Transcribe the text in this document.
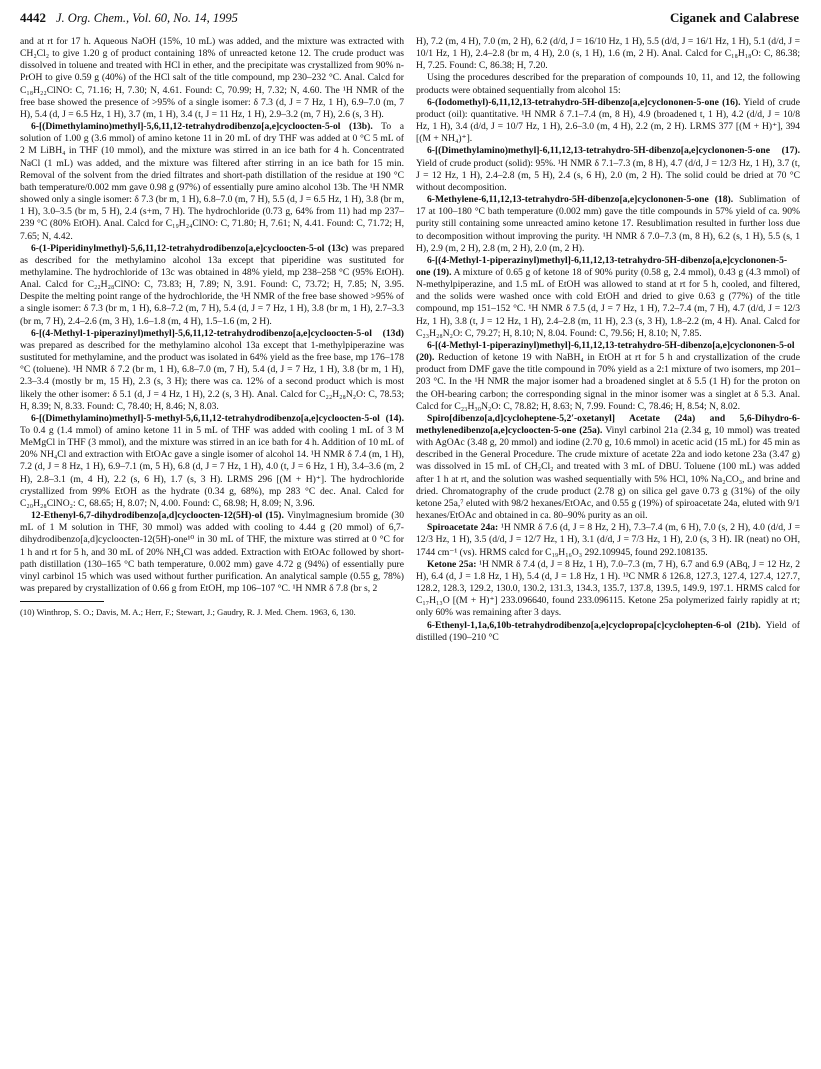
4442 J. Org. Chem., Vol. 60, No. 14, 1995	Ciganek and Calabrese

and at rt for 17 h. Aqueous NaOH (15%, 10 mL) was added, and the mixture was extracted with CH₂Cl₂ to give 1.20 g of product containing 18% of unreacted ketone 12. The crude product was dissolved in toluene and treated with HCl in ether, and the precipitate was crystallized from 90% n-PrOH to give 0.59 g (40%) of the HCl salt of the title compound, mp 230–232 °C. Anal. Calcd for C₁₈H₂₂ClNO: C, 71.16; H, 7.30; N, 4.61. Found: C, 70.99; H, 7.32; N, 4.60. The ¹H NMR of the free base showed the presence of >95% of a single isomer: δ 7.3 (d, J = 7 Hz, 1 H), 6.9–7.0 (m, 7 H), 5.4 (d, J = 6.5 Hz, 1 H), 3.7 (m, 1 H), 3.4 (t, J = 11 Hz, 1 H), 2.9–3.2 (m, 7 H), 2.6 (s, 3 H).

6-[(Dimethylamino)methyl]-5,6,11,12-tetrahydrodibenzo[a,e]cycloocten-5-ol (13b). To a solution of 1.00 g (3.6 mmol) of amino ketone 11 in 20 mL of dry THF was added at 0 °C 5 mL of 2 M LiBH₄ in THF (10 mmol), and the mixture was stirred in an ice bath for 4 h. Concentrated NaCl (1 mL) was added, and the mixture was filtered after stirring in an ice bath for 15 min. Removal of the solvent from the dried filtrates and short-path distillation of the residue at 190 °C bath temperature/0.002 mm gave 0.98 g (97%) of essentially pure amino alcohol 13b. The ¹H NMR showed only a single isomer: δ 7.3 (br m, 1 H), 6.8–7.0 (m, 7 H), 5.5 (d, J = 6.5 Hz, 1 H), 3.8 (br m, 1 H), 3.0–3.5 (br m, 5 H), 2.4 (s+m, 7 H). The hydrochloride (0.73 g, 64% from 11) had mp 237–239 °C (80% EtOH). Anal. Calcd for C₁₉H₂₄ClNO: C, 71.80; H, 7.61; N, 4.41. Found: C, 71.72; H, 7.65; N, 4.42.

6-(1-Piperidinylmethyl)-5,6,11,12-tetrahydrodibenzo[a,e]cycloocten-5-ol (13c) was prepared as described for the methylamino alcohol 13a except that piperidine was sustituted for methylamine. The hydrochloride of 13c was obtained in 48% yield, mp 238–258 °C (95% EtOH). Anal. Calcd for C₂₂H₂₈ClNO: C, 73.83; H, 7.89; N, 3.91. Found: C, 73.72; H, 7.85; N, 3.95. Despite the melting point range of the hydrochloride, the ¹H NMR of the free base showed >95% of a single isomer: δ 7.3 (br m, 1 H), 6.8–7.2 (m, 7 H), 5.4 (d, J = 7 Hz, 1 H), 3.8 (br m, 1 H), 2.7–3.3 (br m, 7 H), 2.4–2.6 (m, 3 H), 1.6–1.8 (m, 4 H), 1.5–1.6 (m, 2 H).

6-[(4-Methyl-1-piperazinyl)methyl]-5,6,11,12-tetrahydrodibenzo[a,e]cycloocten-5-ol (13d) was prepared as described for the methylamino alcohol 13a except that 1-methylpiperazine was sustituted for methylamine, and the product was isolated in 64% yield as the free base, mp 176–178 °C (toluene). ¹H NMR δ 7.2 (br m, 1 H), 6.8–7.0 (m, 7 H), 5.4 (d, J = 7 Hz, 1 H), 3.8 (br m, 1 H), 2.3–3.4 (mostly br m, 15 H), 2.3 (s, 3 H); there was ca. 12% of a second product which is most likely the other isomer: δ 5.1 (d, J = 4 Hz, 1 H), 2.2 (s, 3 H). Anal. Calcd for C₂₂H₂₈N₂O: C, 78.53; H, 8.39; N, 8.33. Found: C, 78.40; H, 8.46; N, 8.03.

6-[(Dimethylamino)methyl]-5-methyl-5,6,11,12-tetrahydrodibenzo[a,e]cycloocten-5-ol (14). To 0.4 g (1.4 mmol) of amino ketone 11 in 5 mL of THF was added with cooling 1 mL of 3 M MeMgCl in THF (3 mmol), and the mixture was stirred in an ice bath for 4 h. Addition of 10 mL of 20% NH₄Cl and extraction with EtOAc gave a single isomer of alcohol 14. ¹H NMR δ 7.4 (m, 1 H), 7.2 (d, J = 8 Hz, 1 H), 6.9–7.1 (m, 5 H), 6.8 (d, J = 7 Hz, 1 H), 4.0 (t, J = 6 Hz, 1 H), 3.4–3.6 (m, 2 H), 2.8–3.1 (m, 4 H), 2.2 (s, 6 H), 1.7 (s, 3 H). LRMS 296 [(M + H)⁺]. The hydrochloride crystallized from 99% EtOH as the hydrate (0.34 g, 68%), mp 283 °C dec. Anal. Calcd for C₂₀H₂₈ClNO₂: C, 68.65; H, 8.07; N, 4.00. Found: C, 68.98; H, 8.09; N, 3.96.

12-Ethenyl-6,7-dihydrodibenzo[a,d]cycloocten-12(5H)-ol (15). Vinylmagnesium bromide (30 mL of 1 M solution in THF, 30 mmol) was added with cooling to 4.44 g (20 mmol) of 6,7-dihydrodibenzo[a,d]cycloocten-12(5H)-one¹⁰ in 30 mL of THF, the mixture was stirred at 0 °C for 1 h and rt for 5 h, and 30 mL of 20% NH₄Cl was added. Extraction with EtOAc followed by short-path distillation (130–165 °C bath temperature, 0.002 mm) gave 4.72 g (94%) of essentially pure vinyl carbinol 15 which was used without further purification. An analytical sample (0.55 g, 78%) was prepared by crystallization of 0.66 g from EtOH, mp 106–107 °C. ¹H NMR δ 7.8 (br s, 2

(10) Winthrop, S. O.; Davis, M. A.; Herr, F.; Stewart, J.; Gaudry, R. J. Med. Chem. 1963, 6, 130.

H), 7.2 (m, 4 H), 7.0 (m, 2 H), 6.2 (d/d, J = 16/10 Hz, 1 H), 5.5 (d/d, J = 16/1 Hz, 1 H), 5.1 (d/d, J = 10/1 Hz, 1 H), 2.4–2.8 (br m, 4 H), 2.0 (s, 1 H), 1.6 (m, 2 H). Anal. Calcd for C₁₈H₁₈O: C, 86.38; H, 7.25. Found: C, 86.38; H, 7.20.

Using the procedures described for the preparation of compounds 10, 11, and 12, the following products were obtained sequentially from alcohol 15:

6-(Iodomethyl)-6,11,12,13-tetrahydro-5H-dibenzo[a,e]cyclononen-5-one (16). Yield of crude product (oil): quantitative. ¹H NMR δ 7.1–7.4 (m, 8 H), 4.9 (broadened t, 1 H), 4.2 (d/d, J = 10/8 Hz, 1 H), 3.4 (d/d, J = 10/7 Hz, 1 H), 2.6–3.0 (m, 4 H), 2.2 (m, 2 H). LRMS 377 [(M + H)⁺], 394 [(M + NH₄)⁺].

6-[(Dimethylamino)methyl]-6,11,12,13-tetrahydro-5H-dibenzo[a,e]cyclononen-5-one (17). Yield of crude product (solid): 95%. ¹H NMR δ 7.1–7.3 (m, 8 H), 4.7 (d/d, J = 12/3 Hz, 1 H), 3.7 (t, J = 12 Hz, 1 H), 2.4–2.8 (m, 5 H), 2.4 (s, 6 H), 2.0 (m, 2 H). The solid could be dried at 70 °C without decomposition.

6-Methylene-6,11,12,13-tetrahydro-5H-dibenzo[a,e]cyclononen-5-one (18). Sublimation of 17 at 100–180 °C bath temperature (0.002 mm) gave the title compounds in 57% yield of ca. 90% purity still containing some unreacted amino ketone 17. Resublimation resulted in further loss due to decomposition without improving the purity. ¹H NMR δ 7.0–7.3 (m, 8 H), 6.2 (s, 1 H), 5.5 (s, 1 H), 2.9 (m, 2 H), 2.8 (m, 2 H), 2.0 (m, 2 H).

6-[(4-Methyl-1-piperazinyl)methyl]-6,11,12,13-tetrahydro-5H-dibenzo[a,e]cyclononen-5-one (19). A mixture of 0.65 g of ketone 18 of 90% purity (0.58 g, 2.4 mmol), 0.43 g (4.3 mmol) of N-methylpiperazine, and 1.5 mL of EtOH was allowed to stand at rt for 5 h, cooled, and filtered, and the solids were washed once with cold EtOH and dried to give 0.63 g (77%) of the title compound, mp 151–152 °C. ¹H NMR δ 7.5 (d, J = 7 Hz, 1 H), 7.2–7.4 (m, 7 H), 4.7 (d/d, J = 12/3 Hz, 1 H), 3.8 (t, J = 12 Hz, 1 H), 2.4–2.8 (m, 11 H), 2.3 (s, 3 H), 1.8–2.2 (m, 4 H). Anal. Calcd for C₂₃H₂₈N₂O: C, 79.27; H, 8.10; N, 8.04. Found: C, 79.56; H, 8.10; N, 7.85.

6-[(4-Methyl-1-piperazinyl)methyl]-6,11,12,13-tetrahydro-5H-dibenzo[a,e]cyclononen-5-ol (20). Reduction of ketone 19 with NaBH₄ in EtOH at rt for 5 h and crystallization of the crude product from DMF gave the title compound in 70% yield as a 2:1 mixture of two isomers, mp 201–203 °C. In the ¹H NMR the major isomer had a broadened singlet at δ 5.5 (1 H) for the proton on the OH-bearing carbon; the corresponding signal in the minor isomer was a singlet at δ 5.3. Anal. Calcd for C₂₃H₃₀N₂O: C, 78.82; H, 8.63; N, 7.99. Found: C, 78.46; H, 8.54; N, 8.02.

Spiro[dibenzo[a,d]cycloheptene-5,2′-oxetanyl] Acetate (24a) and 5,6-Dihydro-6-methylenedibenzo[a,e]cycloocten-5-one (25a). Vinyl carbinol 21a (2.34 g, 10 mmol) was treated with AgOAc (3.48 g, 20 mmol) and iodine (2.70 g, 10.6 mmol) in acetic acid (15 mL) for 45 min as described in the General Procedure. The crude mixture of acetate 22a and iodo ketone 23a (3.47 g) was dissolved in 15 mL of CH₂Cl₂ and treated with 3 mL of DBU. Toluene (100 mL) was added after 1 h at rt, and the solution was washed sequentially with 5% HCl, 10% Na₂CO₃, and brine and dried. Chromatography of the crude product (2.78 g) on silica gel gave 0.73 g (31%) of the oily ketone 25a,⁷ eluted with 98/2 hexanes/EtOAc, and 0.55 g (19%) of spiroacetate 24a, eluted with 9/1 hexanes/EtOAc and obtained in ca. 80–90% purity as an oil.

Spiroacetate 24a: ¹H NMR δ 7.6 (d, J = 8 Hz, 2 H), 7.3–7.4 (m, 6 H), 7.0 (s, 2 H), 4.0 (d/d, J = 12/3 Hz, 1 H), 3.5 (d/d, J = 12/7 Hz, 1 H), 3.1 (d/d, J = 7/3 Hz, 1 H), 2.0 (s, 3 H). IR (neat) no OH, 1744 cm⁻¹ (vs). HRMS calcd for C₁₉H₁₆O₃ 292.109945, found 292.108135.

Ketone 25a: ¹H NMR δ 7.4 (d, J = 8 Hz, 1 H), 7.0–7.3 (m, 7 H), 6.7 and 6.9 (ABq, J = 12 Hz, 2 H), 6.4 (d, J = 1.8 Hz, 1 H), 5.4 (d, J = 1.8 Hz, 1 H). ¹³C NMR δ 126.8, 127.3, 127.4, 127.4, 127.7, 128.2, 128.3, 129.2, 130.0, 130.2, 131.3, 134.3, 135.7, 137.8, 139.5, 149.9, 197.1. HRMS calcd for C₁₇H₁₃O [(M + H)⁺] 233.096640, found 233.096115. Ketone 25a polymerized fairly rapidly at rt; only 60% was remaining after 3 days.

6-Ethenyl-1,1a,6,10b-tetrahydrodibenzo[a,e]cyclopropa[c]cyclohepten-6-ol (21b). Yield of distilled (190–210 °C
